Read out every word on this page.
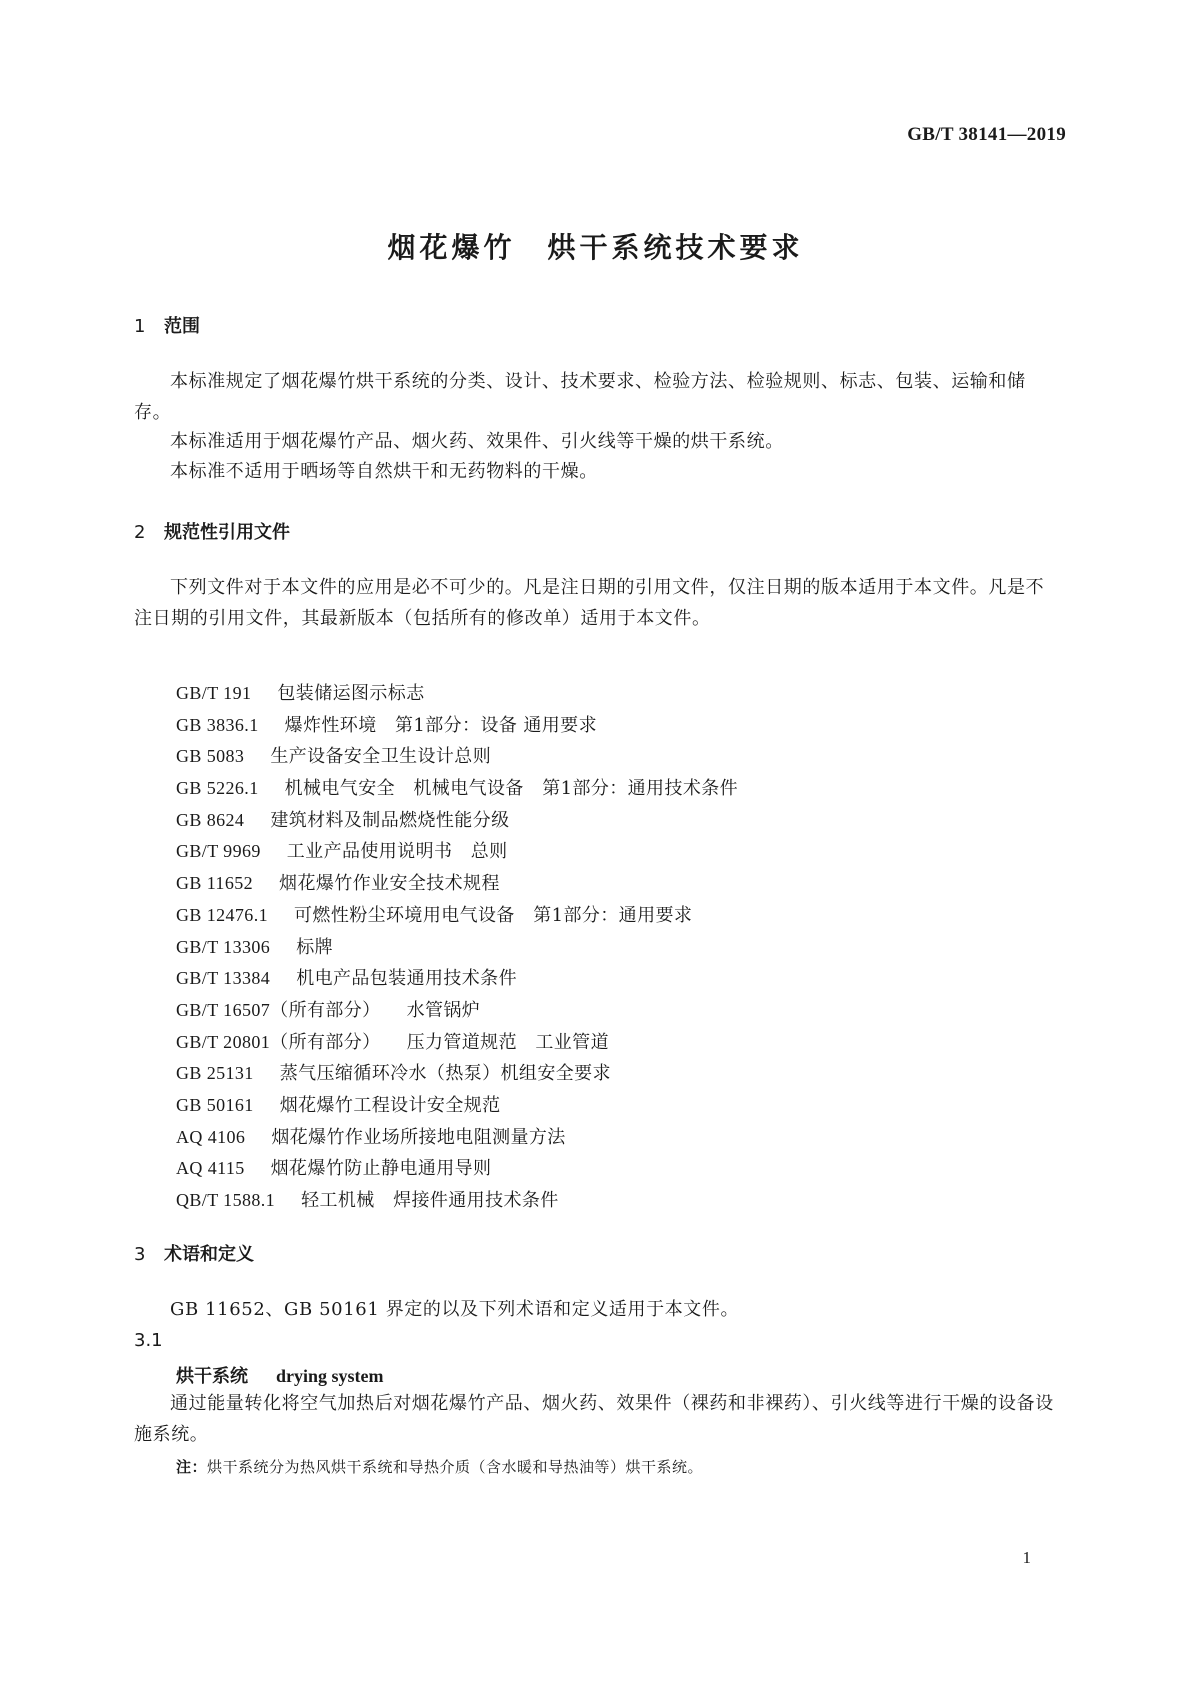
GB/T 38141—2019
烟花爆竹　烘干系统技术要求
1 范围
本标准规定了烟花爆竹烘干系统的分类、设计、技术要求、检验方法、检验规则、标志、包装、运输和储存。
本标准适用于烟花爆竹产品、烟火药、效果件、引火线等干燥的烘干系统。
本标准不适用于晒场等自然烘干和无药物料的干燥。
2 规范性引用文件
下列文件对于本文件的应用是必不可少的。凡是注日期的引用文件，仅注日期的版本适用于本文件。凡是不注日期的引用文件，其最新版本（包括所有的修改单）适用于本文件。
GB/T 191 包装储运图示标志
GB 3836.1 爆炸性环境　第1部分：设备 通用要求
GB 5083 生产设备安全卫生设计总则
GB 5226.1 机械电气安全　机械电气设备　第1部分：通用技术条件
GB 8624 建筑材料及制品燃烧性能分级
GB/T 9969 工业产品使用说明书　总则
GB 11652 烟花爆竹作业安全技术规程
GB 12476.1 可燃性粉尘环境用电气设备　第1部分：通用要求
GB/T 13306 标牌
GB/T 13384 机电产品包装通用技术条件
GB/T 16507（所有部分） 水管锅炉
GB/T 20801（所有部分） 压力管道规范　工业管道
GB 25131 蒸气压缩循环冷水（热泵）机组安全要求
GB 50161 烟花爆竹工程设计安全规范
AQ 4106 烟花爆竹作业场所接地电阻测量方法
AQ 4115 烟花爆竹防止静电通用导则
QB/T 1588.1 轻工机械　焊接件通用技术条件
3 术语和定义
GB 11652、GB 50161 界定的以及下列术语和定义适用于本文件。
3.1
烘干系统 drying system
通过能量转化将空气加热后对烟花爆竹产品、烟火药、效果件（裸药和非裸药）、引火线等进行干燥的设备设施系统。
注：烘干系统分为热风烘干系统和导热介质（含水暖和导热油等）烘干系统。
1
